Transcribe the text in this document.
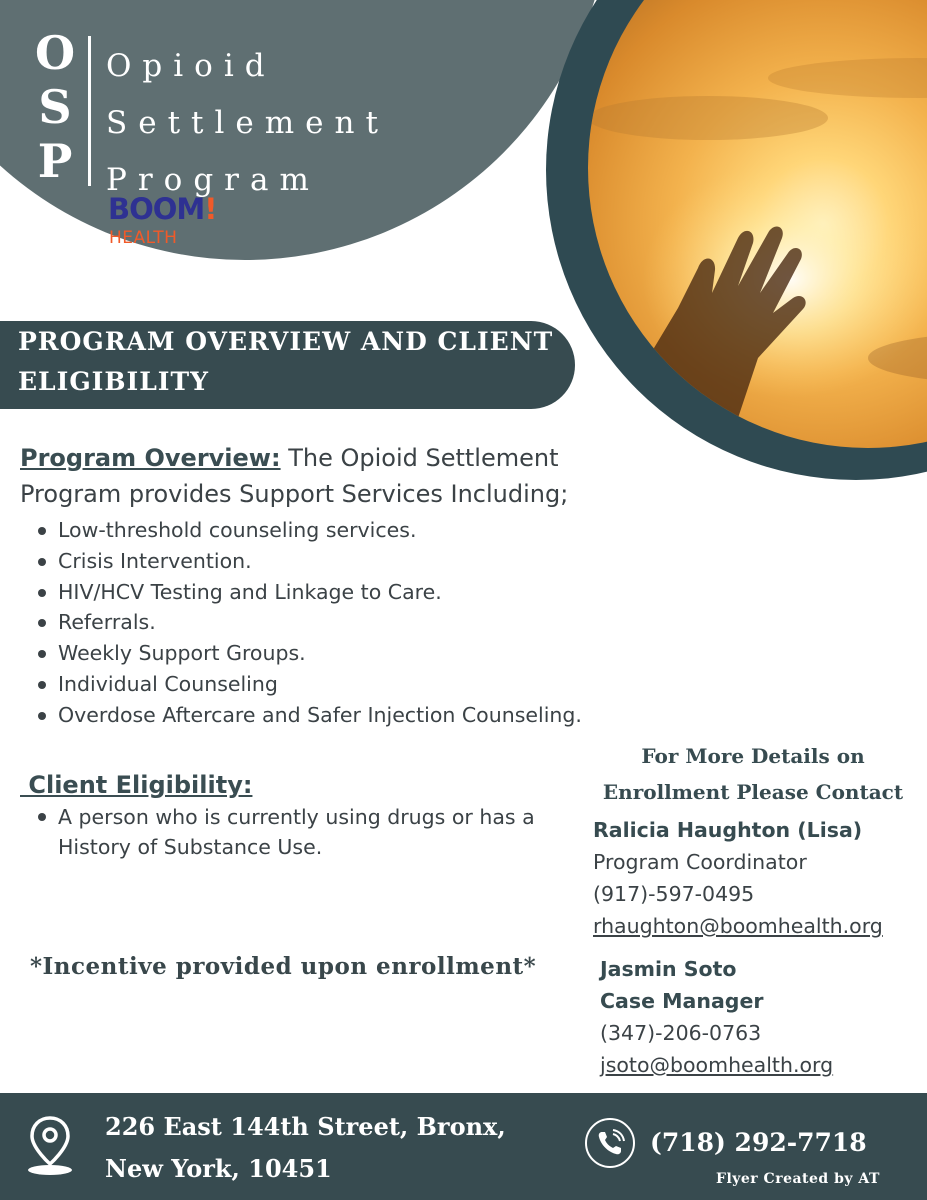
O
S
P
Opioid
Settlement
Program
BOOM!
HEALTH
PROGRAM OVERVIEW AND CLIENT ELIGIBILITY
Program Overview: The Opioid Settlement Program provides Support Services Including;
Low-threshold counseling services.
Crisis Intervention.
HIV/HCV Testing and Linkage to Care.
Referrals.
Weekly Support Groups.
Individual Counseling
Overdose Aftercare and Safer Injection Counseling.
Client Eligibility:
A person who is currently using drugs or has a History of Substance Use.
*Incentive provided upon enrollment*
For More Details on
Enrollment Please Contact
Ralicia Haughton (Lisa)
Program Coordinator
(917)-597-0495
rhaughton@boomhealth.org
Jasmin Soto
Case Manager
(347)-206-0763
jsoto@boomhealth.org
226 East 144th Street, Bronx,
New York, 10451
(718) 292-7718
Flyer Created by AT
